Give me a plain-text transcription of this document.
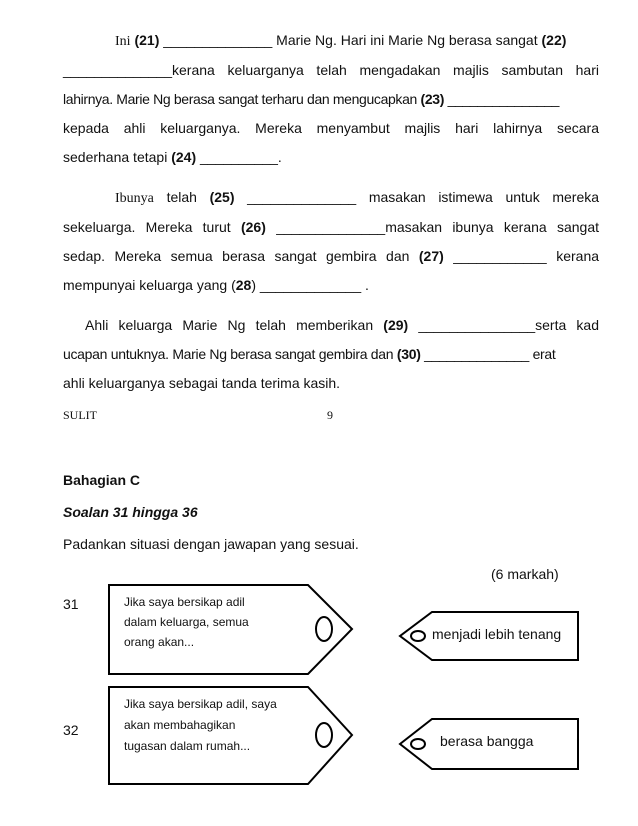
Ini (21) ______________ Marie Ng. Hari ini Marie Ng berasa sangat (22)
______________kerana keluarganya telah mengadakan majlis sambutan hari
lahirnya. Marie Ng berasa sangat terharu dan mengucapkan (23) _______________
kepada ahli keluarganya. Mereka menyambut majlis hari lahirnya secara
sederhana tetapi (24) __________.
Ibunya telah (25) ______________ masakan istimewa untuk mereka
sekeluarga. Mereka turut (26) ______________masakan ibunya kerana sangat
sedap. Mereka semua berasa sangat gembira dan (27) ____________ kerana
mempunyai keluarga yang (28) _____________ .
Ahli keluarga Marie Ng telah memberikan (29) _______________serta kad
ucapan untuknya. Marie Ng berasa sangat gembira dan (30) ______________ erat
ahli keluarganya sebagai tanda terima kasih.
SULIT	9
Bahagian C
Soalan 31 hingga 36
Padankan situasi dengan jawapan yang sesuai.
(6 markah)
31	Jika saya bersikap adil
dalam keluarga, semua
orang akan...
32
Jika saya bersikap adil, saya
akan membahagikan
tugasan dalam rumah...
menjadi lebih tenang
berasa bangga
